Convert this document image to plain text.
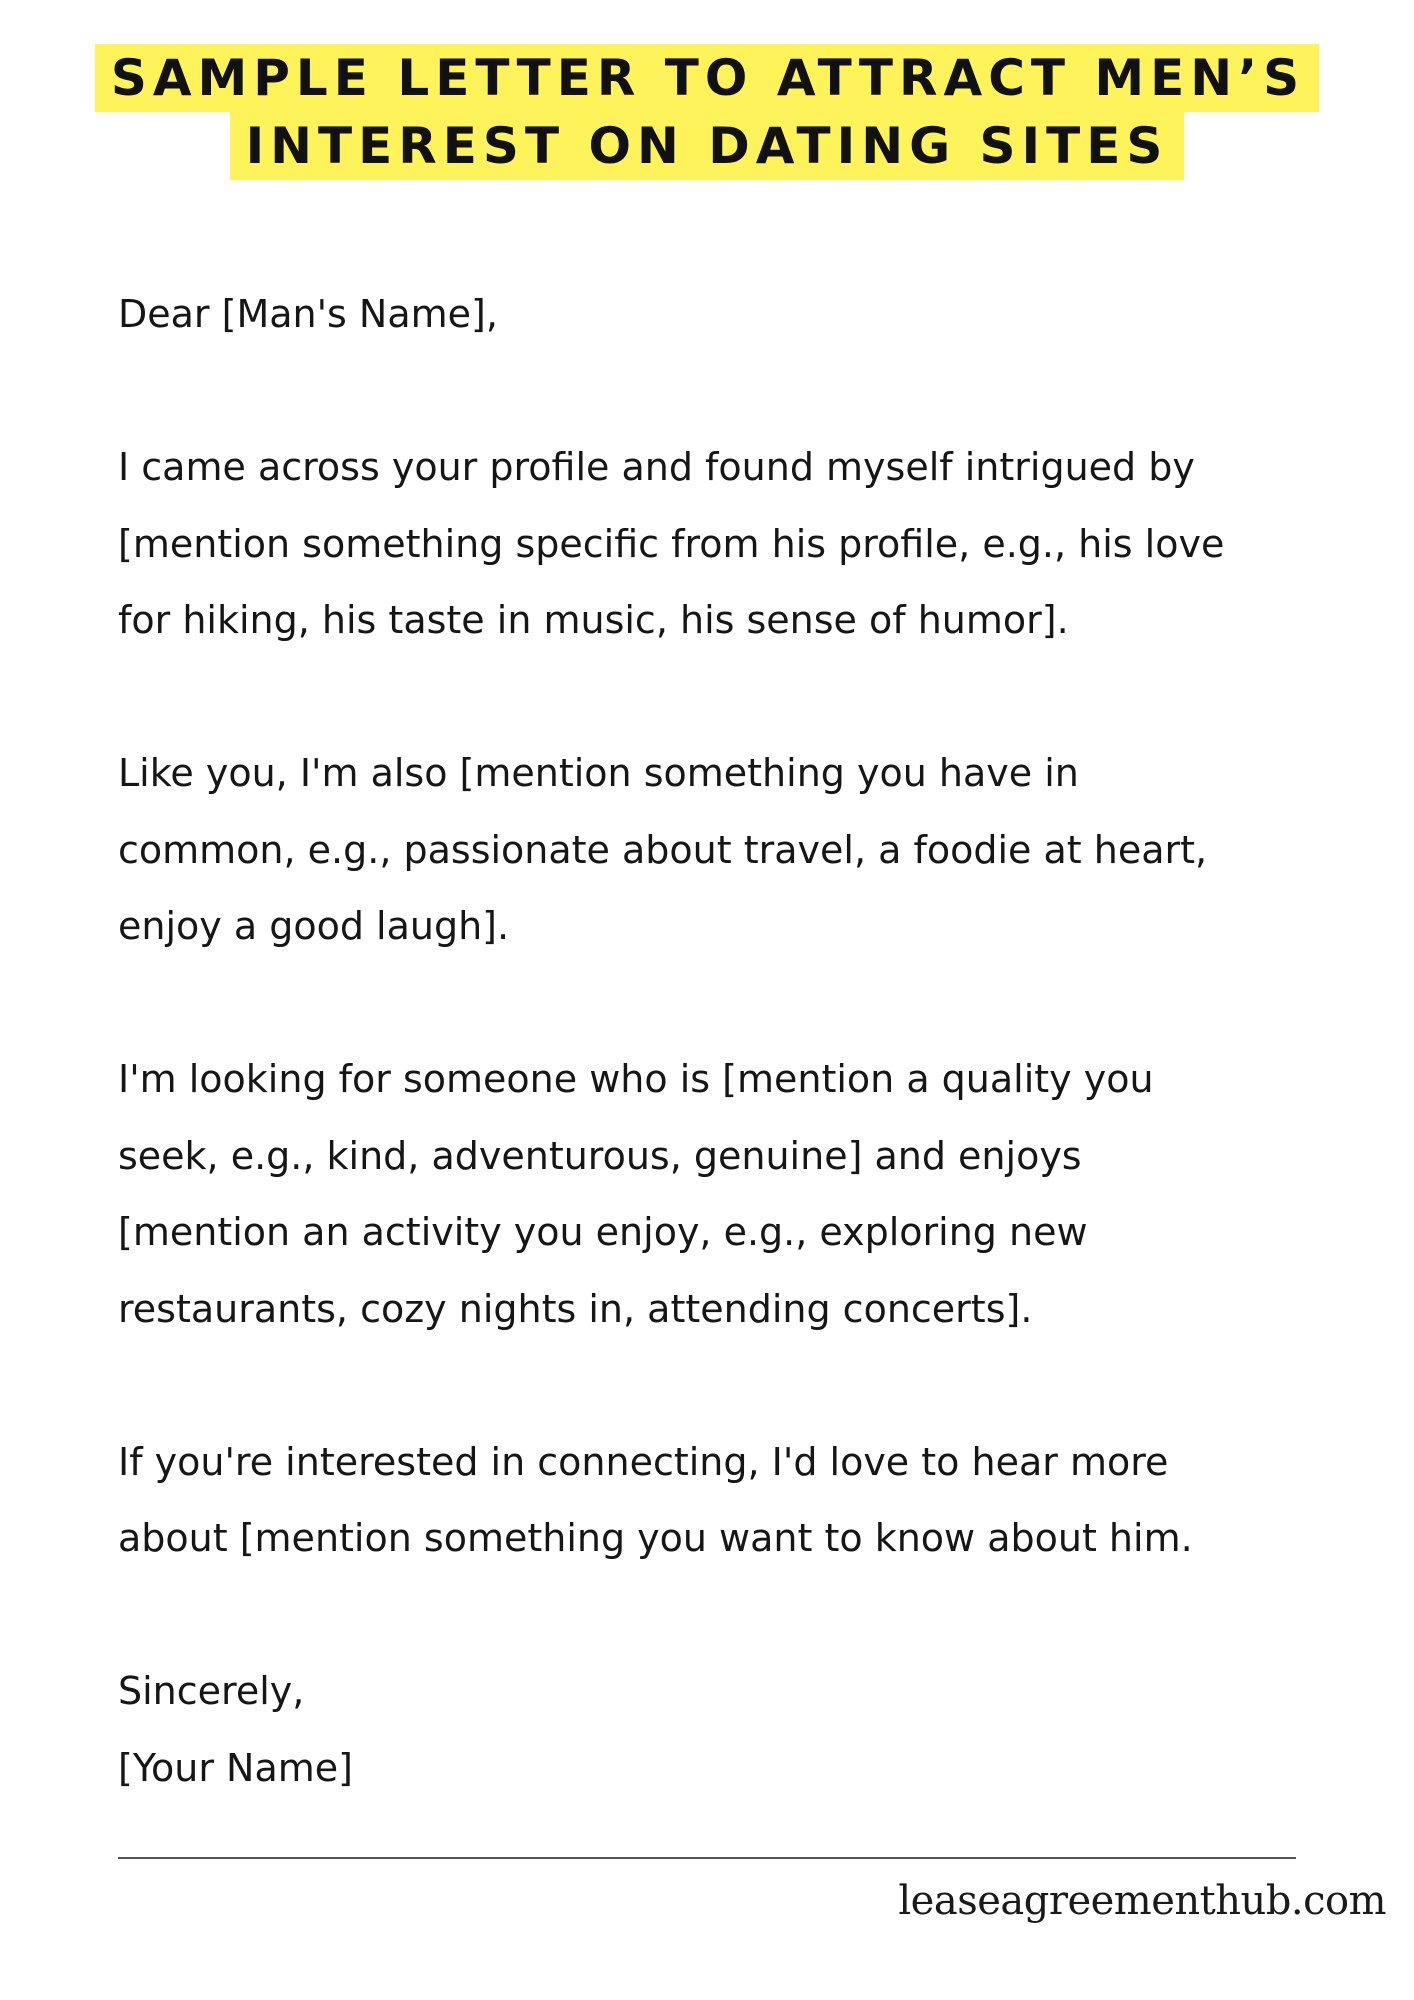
SAMPLE LETTER TO ATTRACT MEN’S
INTEREST ON DATING SITES

Dear [Man's Name],

I came across your profile and found myself intrigued by
[mention something specific from his profile, e.g., his love
for hiking, his taste in music, his sense of humor].

Like you, I'm also [mention something you have in
common, e.g., passionate about travel, a foodie at heart,
enjoy a good laugh].

I'm looking for someone who is [mention a quality you
seek, e.g., kind, adventurous, genuine] and enjoys
[mention an activity you enjoy, e.g., exploring new
restaurants, cozy nights in, attending concerts].

If you're interested in connecting, I'd love to hear more
about [mention something you want to know about him.

Sincerely,

[Your Name]

leaseagreementhub.com
